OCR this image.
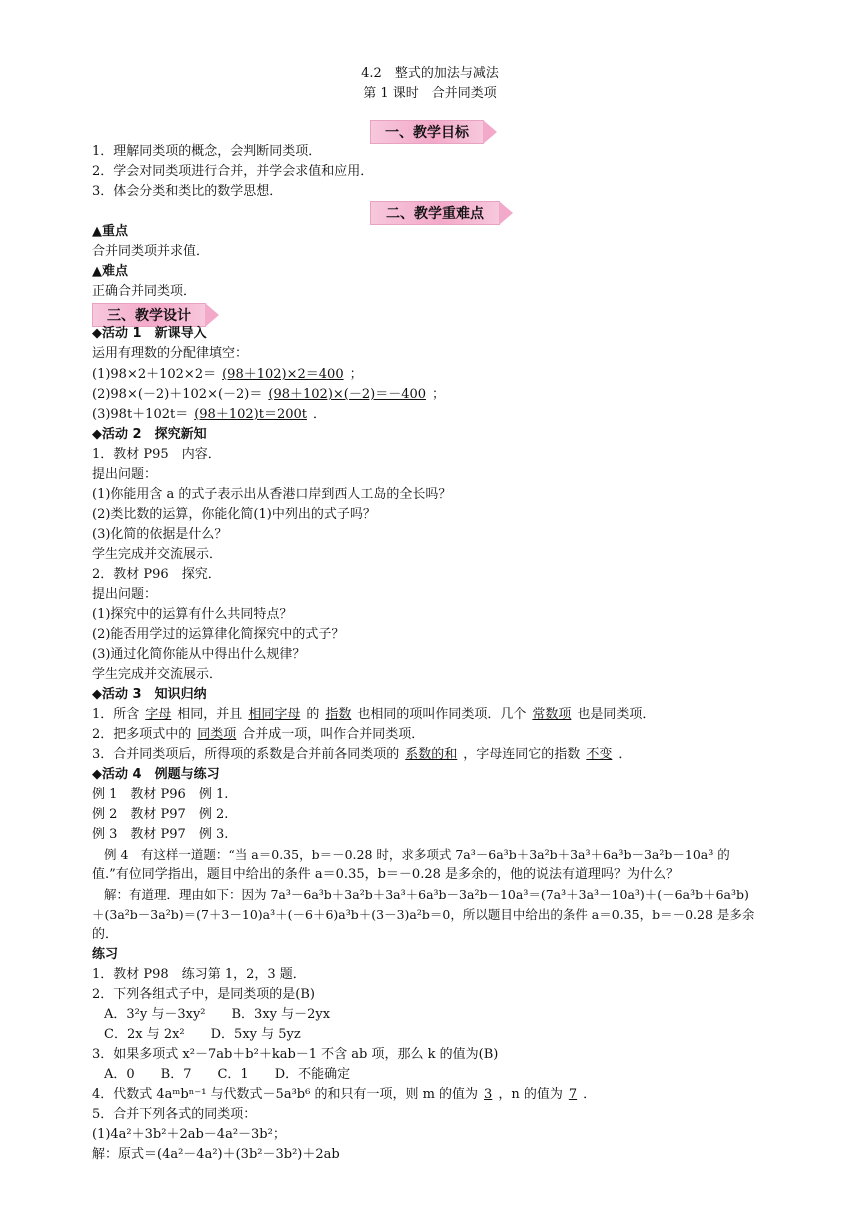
4.2　整式的加法与减法
第 1 课时　合并同类项
一、教学目标
1．理解同类项的概念，会判断同类项．
2．学会对同类项进行合并，并学会求值和应用．
3．体会分类和类比的数学思想．
二、教学重难点
▲重点
合并同类项并求值．
▲难点
正确合并同类项．
三、教学设计
◆活动 1　新课导入
运用有理数的分配律填空：
(1)98×2＋102×2＝ (98＋102)×2＝400 ；
(2)98×(－2)＋102×(－2)＝ (98＋102)×(－2)＝－400 ；
(3)98t＋102t＝ (98＋102)t＝200t ．
◆活动 2　探究新知
1．教材 P95　内容．
提出问题：
(1)你能用含 a 的式子表示出从香港口岸到西人工岛的全长吗？
(2)类比数的运算，你能化简(1)中列出的式子吗？
(3)化简的依据是什么？
学生完成并交流展示．
2．教材 P96　探究．
提出问题：
(1)探究中的运算有什么共同特点？
(2)能否用学过的运算律化简探究中的式子？
(3)通过化简你能从中得出什么规律？
学生完成并交流展示．
◆活动 3　知识归纳
1．所含 字母 相同，并且 相同字母 的 指数 也相同的项叫作同类项．几个 常数项 也是同类项．
2．把多项式中的 同类项 合并成一项，叫作合并同类项．
3．合并同类项后，所得项的系数是合并前各同类项的 系数的和 ，字母连同它的指数 不变 ．
◆活动 4　例题与练习
例 1　教材 P96　例 1.
例 2　教材 P97　例 2.
例 3　教材 P97　例 3.
例 4　有这样一道题：“当 a＝0.35，b＝－0.28 时，求多项式 7a³－6a³b＋3a²b＋3a³＋6a³b－3a²b－10a³ 的
值.”有位同学指出，题目中给出的条件 a＝0.35，b＝－0.28 是多余的，他的说法有道理吗？为什么？
解：有道理．理由如下：因为 7a³－6a³b＋3a²b＋3a³＋6a³b－3a²b－10a³＝(7a³＋3a³－10a³)＋(－6a³b＋6a³b)
＋(3a²b－3a²b)＝(7＋3－10)a³＋(－6＋6)a³b＋(3－3)a²b＝0，所以题目中给出的条件 a＝0.35，b＝－0.28 是多余
的．
练习
1．教材 P98　练习第 1，2，3 题．
2．下列各组式子中，是同类项的是(B)
A．3²y 与－3xy²　　B．3xy 与－2yx
C．2x 与 2x²　　D．5xy 与 5yz
3．如果多项式 x²－7ab＋b²＋kab－1 不含 ab 项，那么 k 的值为(B)
A．0　　B．7　　C．1　　D．不能确定
4．代数式 4aᵐbⁿ⁻¹ 与代数式－5a³b⁶ 的和只有一项，则 m 的值为 3 ，n 的值为 7 ．
5．合并下列各式的同类项：
(1)4a²＋3b²＋2ab－4a²－3b²；
解：原式＝(4a²－4a²)＋(3b²－3b²)＋2ab
